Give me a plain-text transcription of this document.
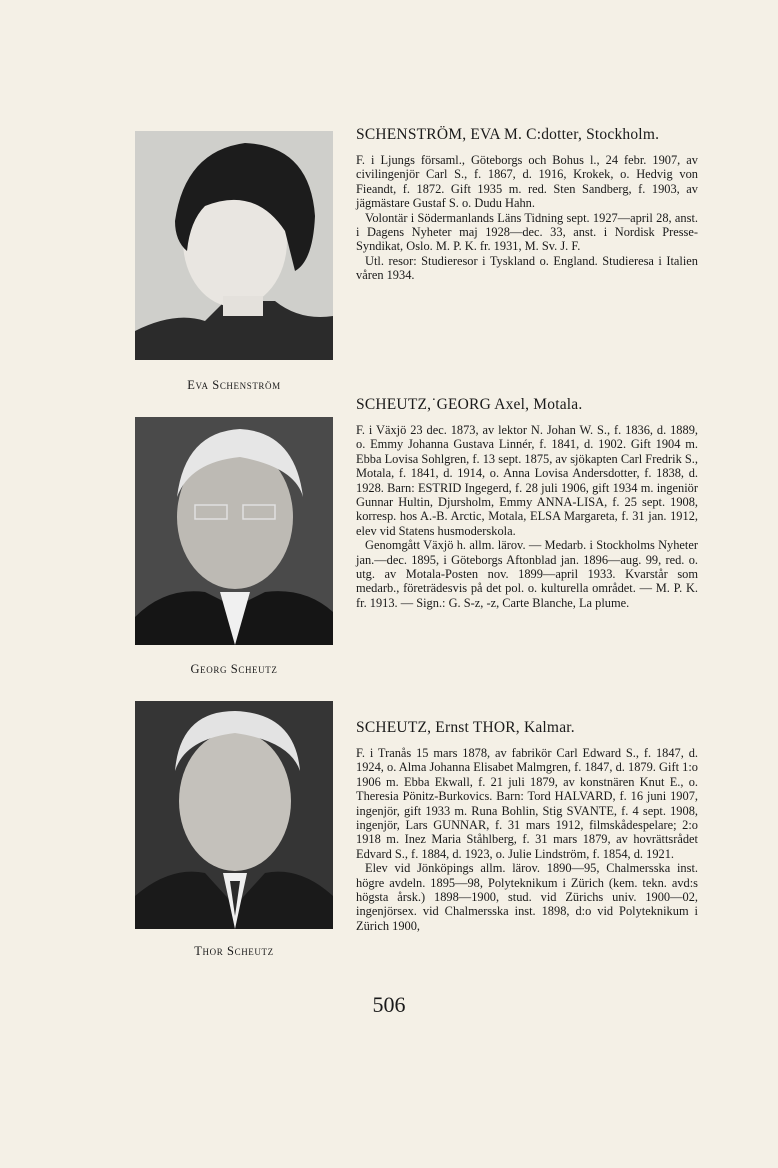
Eva Schenström
SCHENSTRÖM, EVA M. C:dotter, Stockholm.

F. i Ljungs församl., Göteborgs och Bohus l., 24 febr. 1907, av civilingenjör Carl S., f. 1867, d. 1916, Krokek, o. Hedvig von Fieandt, f. 1872. Gift 1935 m. red. Sten Sandberg, f. 1903, av jägmästare Gustaf S. o. Dudu Hahn.

Volontär i Södermanlands Läns Tidning sept. 1927—april 28, anst. i Dagens Nyheter maj 1928—dec. 33, anst. i Nordisk Presse-Syndikat, Oslo. M. P. K. fr. 1931, M. Sv. J. F.

Utl. resor: Studieresor i Tyskland o. England. Studieresa i Italien våren 1934.

Georg Scheutz
SCHEUTZ,˙GEORG Axel, Motala.

F. i Växjö 23 dec. 1873, av lektor N. Johan W. S., f. 1836, d. 1889, o. Emmy Johanna Gustava Linnér, f. 1841, d. 1902. Gift 1904 m. Ebba Lovisa Sohlgren, f. 13 sept. 1875, av sjökapten Carl Fredrik S., Motala, f. 1841, d. 1914, o. Anna Lovisa Andersdotter, f. 1838, d. 1928. Barn: ESTRID Ingegerd, f. 28 juli 1906, gift 1934 m. ingeniör Gunnar Hultin, Djursholm, Emmy ANNA-LISA, f. 25 sept. 1908, korresp. hos A.-B. Arctic, Motala, ELSA Margareta, f. 31 jan. 1912, elev vid Statens husmoderskola.

Genomgått Växjö h. allm. lärov. — Medarb. i Stockholms Nyheter jan.—dec. 1895, i Göteborgs Aftonblad jan. 1896—aug. 99, red. o. utg. av Motala-Posten nov. 1899—april 1933. Kvarstår som medarb., företrädesvis på det pol. o. kulturella området. — M. P. K. fr. 1913. — Sign.: G. S-z, -z, Carte Blanche, La plume.

Thor Scheutz
SCHEUTZ, Ernst THOR, Kalmar.

F. i Tranås 15 mars 1878, av fabrikör Carl Edward S., f. 1847, d. 1924, o. Alma Johanna Elisabet Malmgren, f. 1847, d. 1879. Gift 1:o 1906 m. Ebba Ekwall, f. 21 juli 1879, av konstnären Knut E., o. Theresia Pönitz-Burkovics. Barn: Tord HALVARD, f. 16 juni 1907, ingenjör, gift 1933 m. Runa Bohlin, Stig SVANTE, f. 4 sept. 1908, ingenjör, Lars GUNNAR, f. 31 mars 1912, filmskådespelare; 2:o 1918 m. Inez Maria Ståhlberg, f. 31 mars 1879, av hovrättsrådet Edvard S., f. 1884, d. 1923, o. Julie Lindström, f. 1854, d. 1921.

Elev vid Jönköpings allm. lärov. 1890—95, Chalmersska inst. högre avdeln. 1895—98, Polyteknikum i Zürich (kem. tekn. avd:s högsta årsk.) 1898—1900, stud. vid Zürichs univ. 1900—02, ingenjörsex. vid Chalmersska inst. 1898, d:o vid Polyteknikum i Zürich 1900,

506
